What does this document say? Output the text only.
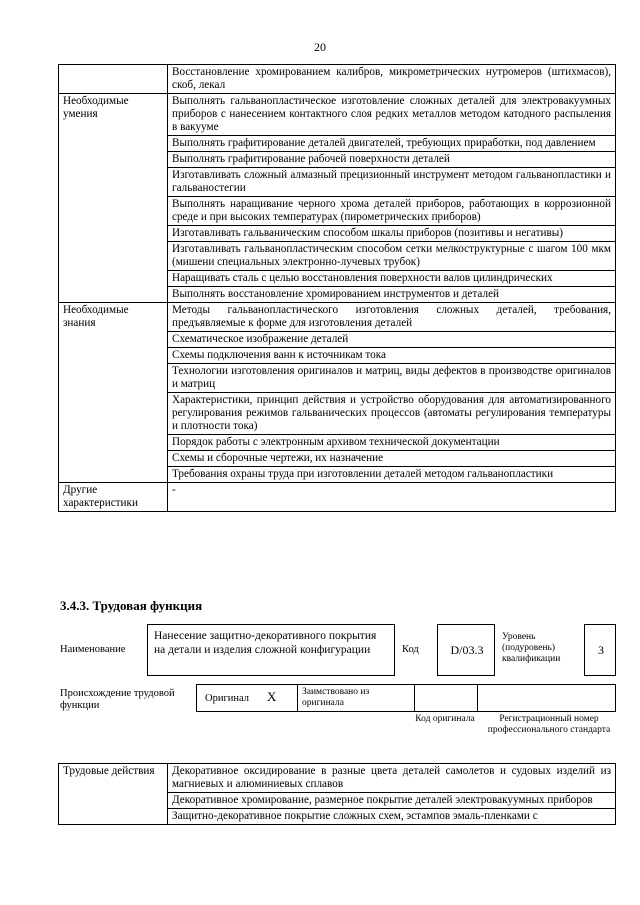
20
	Восстановление хромированием калибров, микрометрических нутромеров (штихмасов), скоб, лекал
Необходимые умения	Выполнять гальванопластическое изготовление сложных деталей для электровакуумных приборов с нанесением контактного слоя редких металлов методом катодного распыления в вакууме
	Выполнять графитирование деталей двигателей, требующих приработки, под давлением
	Выполнять графитирование рабочей поверхности деталей
	Изготавливать сложный алмазный прецизионный инструмент методом гальванопластики и гальваностегии
	Выполнять наращивание черного хрома деталей приборов, работающих в коррозионной среде и при высоких температурах (пирометрических приборов)
	Изготавливать гальваническим способом шкалы приборов (позитивы и негативы)
	Изготавливать гальванопластическим способом сетки мелкоструктурные с шагом 100 мкм (мишени специальных электронно-лучевых трубок)
	Наращивать сталь с целью восстановления поверхности валов цилиндрических
	Выполнять восстановление хромированием инструментов и деталей
Необходимые знания	Методы гальванопластического изготовления сложных деталей, требования, предъявляемые к форме для изготовления деталей
	Схематическое изображение деталей
	Схемы подключения ванн к источникам тока
	Технологии изготовления оригиналов и матриц, виды дефектов в производстве оригиналов и матриц
	Характеристики, принцип действия и устройство оборудования для автоматизированного регулирования режимов гальванических процессов (автоматы регулирования температуры и плотности тока)
	Порядок работы с электронным архивом технической документации
	Схемы и сборочные чертежи, их назначение
	Требования охраны труда при изготовлении деталей методом гальванопластики
Другие характеристики	-
3.4.3. Трудовая функция
Наименование
Нанесение защитно-декоративного покрытия на детали и изделия сложной конфигурации	Код	D/03.3
Уровень (подуровень) квалификации
3
Происхождение трудовой функции
Оригинал X	Заимствовано из оригинала
Код оригинала	Регистрационный номер профессионального стандарта
Трудовые действия	Декоративное оксидирование в разные цвета деталей самолетов и судовых изделий из магниевых и алюминиевых сплавов
Декоративное хромирование, размерное покрытие деталей электровакуумных приборов
Защитно-декоративное покрытие сложных схем, эстампов эмаль-пленками с
